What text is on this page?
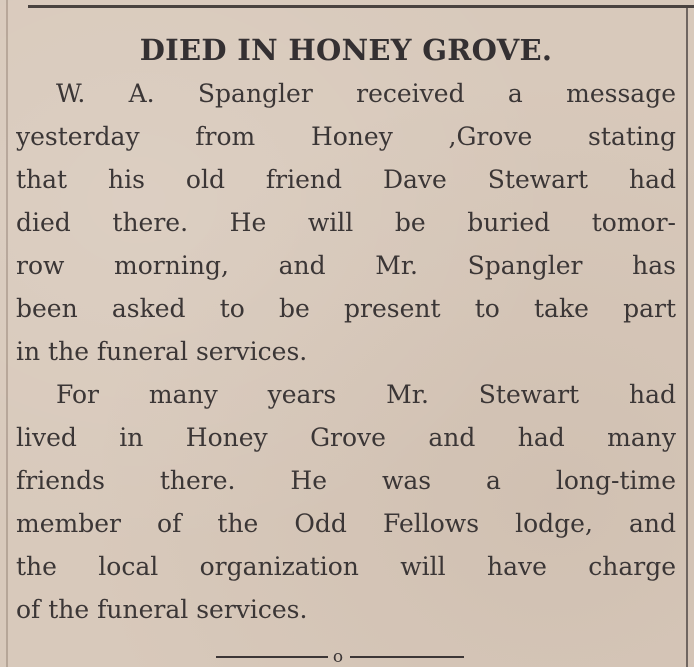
DIED IN HONEY GROVE.

W. A. Spangler received a message
yesterday from Honey ,Grove stating
that his old friend Dave Stewart had
died there. He will be buried tomor-
row morning, and Mr. Spangler has
been asked to be present to take part
in the funeral services.

For many years Mr. Stewart had
lived in Honey Grove and had many
friends there. He was a long-time
member of the Odd Fellows lodge, and
the local organization will have charge
of the funeral services.

o
